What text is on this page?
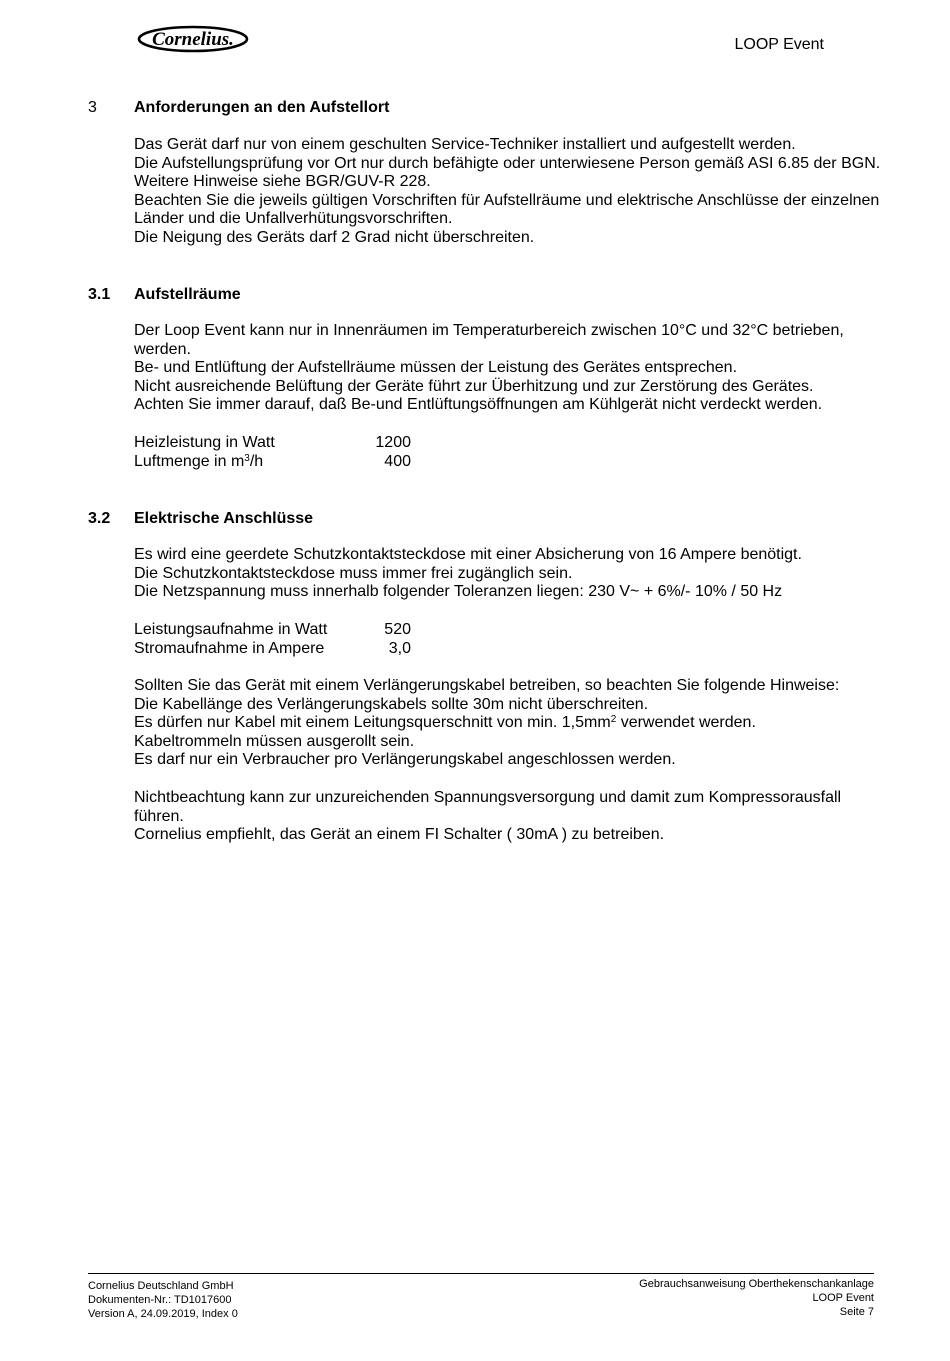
Cornelius.	LOOP Event
3 Anforderungen an den Aufstellort
Das Gerät darf nur von einem geschulten Service-Techniker installiert und aufgestellt werden.
Die Aufstellungsprüfung vor Ort nur durch befähigte oder unterwiesene Person gemäß ASI 6.85 der BGN.
Weitere Hinweise siehe BGR/GUV-R 228.
Beachten Sie die jeweils gültigen Vorschriften für Aufstellräume und elektrische Anschlüsse der einzelnen
Länder und die Unfallverhütungsvorschriften.
Die Neigung des Geräts darf 2 Grad nicht überschreiten.
3.1 Aufstellräume
Der Loop Event kann nur in Innenräumen im Temperaturbereich zwischen 10°C und 32°C betrieben,
werden.
Be- und Entlüftung der Aufstellräume müssen der Leistung des Gerätes entsprechen.
Nicht ausreichende Belüftung der Geräte führt zur Überhitzung und zur Zerstörung des Gerätes.
Achten Sie immer darauf, daß Be-und Entlüftungsöffnungen am Kühlgerät nicht verdeckt werden.
Heizleistung in Watt	1200
Luftmenge in $m^3/h$	400
3.2 Elektrische Anschlüsse
Es wird eine geerdete Schutzkontaktsteckdose mit einer Absicherung von 16 Ampere benötigt.
Die Schutzkontaktsteckdose muss immer frei zugänglich sein.
Die Netzspannung muss innerhalb folgender Toleranzen liegen: 230 V~ + 6%/- 10% / 50 Hz
Leistungsaufnahme in Watt	520
Stromaufnahme in Ampere	3,0
Sollten Sie das Gerät mit einem Verlängerungskabel betreiben, so beachten Sie folgende Hinweise:
Die Kabellänge des Verlängerungskabels sollte 30m nicht überschreiten.
Es dürfen nur Kabel mit einem Leitungsquerschnitt von min. $1,5mm^2$ verwendet werden.
Kabeltrommeln müssen ausgerollt sein.
Es darf nur ein Verbraucher pro Verlängerungskabel angeschlossen werden.
Nichtbeachtung kann zur unzureichenden Spannungsversorgung und damit zum Kompressorausfall
führen.
Cornelius empfiehlt, das Gerät an einem FI Schalter ( 30mA ) zu betreiben.
Cornelius Deutschland GmbH
Dokumenten-Nr.: TD1017600
Version A, 24.09.2019, Index 0
Gebrauchsanweisung Oberthekenschankanlage
LOOP Event
Seite 7
